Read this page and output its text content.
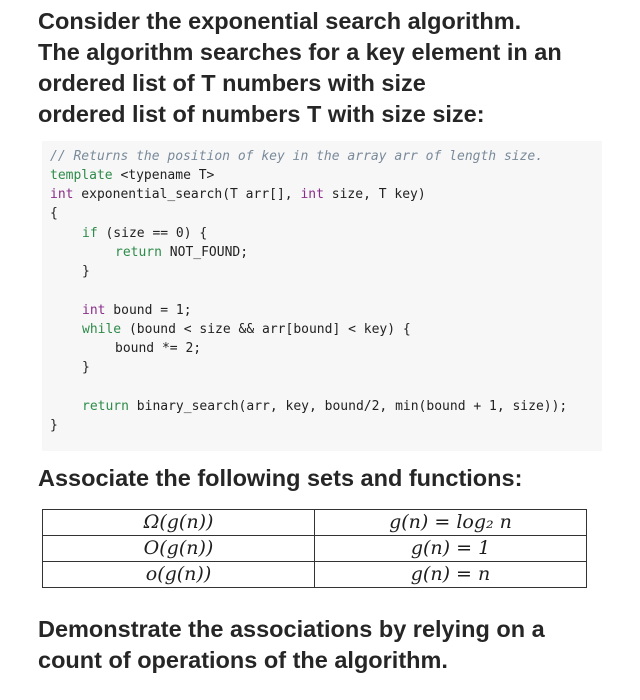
Consider the exponential search algorithm.
The algorithm searches for a key element in an
ordered list of T numbers with size
ordered list of numbers T with size size:
// Returns the position of key in the array arr of length size.
template <typename T>
int exponential_search(T arr[], int size, T key)
{
if (size == 0) {
return NOT_FOUND;
}
int bound = 1;
while (bound < size && arr[bound] < key) {
bound *= 2;
}
return binary_search(arr, key, bound/2, min(bound + 1, size));
}
Associate the following sets and functions:
Ω(g(n))	g(n) = log₂ n
O(g(n))	g(n) = 1
o(g(n))	g(n) = n
Demonstrate the associations by relying on a
count of operations of the algorithm.
